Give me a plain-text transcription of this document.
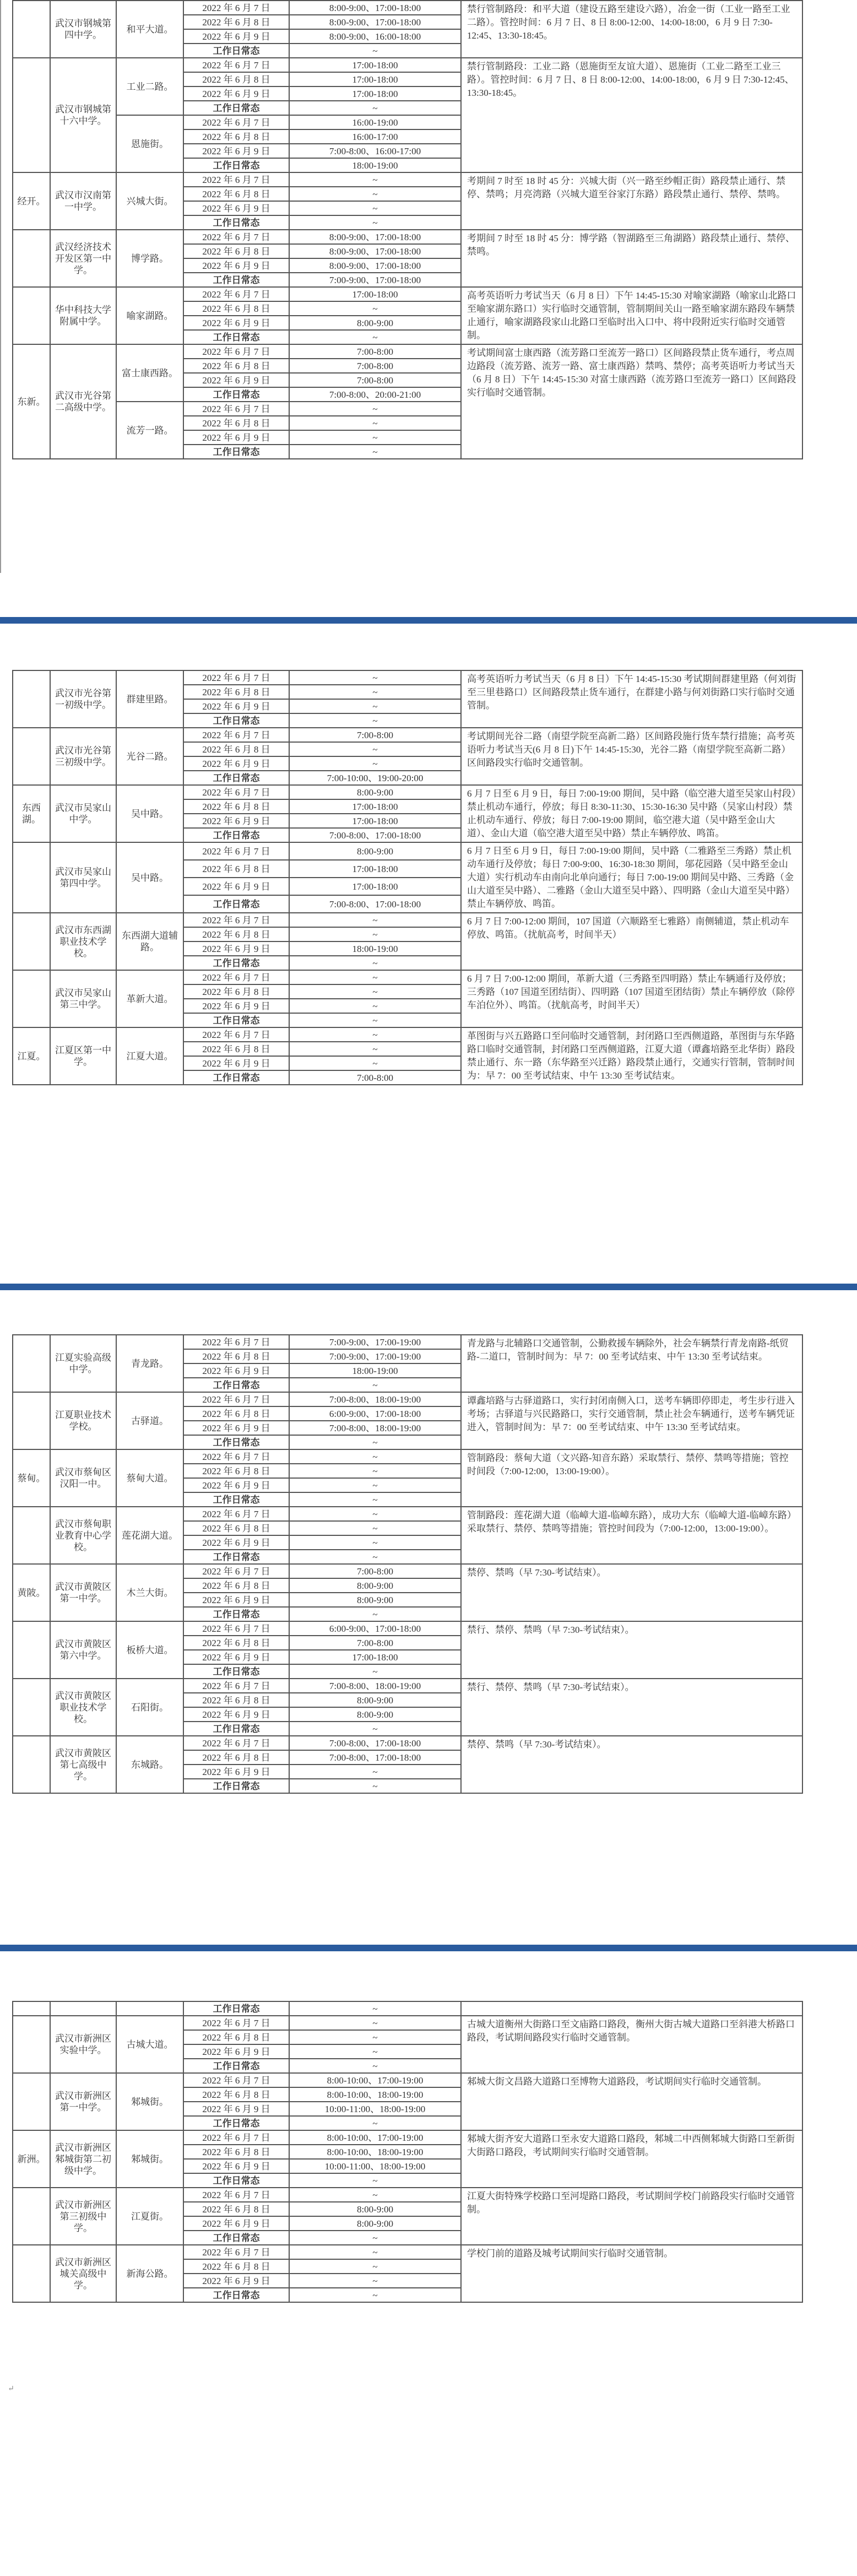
	武汉市钢城第四中学。	和平大道。	2022 年 6 月 7 日	8:00-9:00、17:00-18:00	禁行管制路段：和平大道（建设五路至建设六路），冶金一街（工业一路至工业二路）。管控时间：6 月 7 日、8 日 8:00-12:00、14:00-18:00，6 月 9 日 7:30-12:45、13:30-18:45。
			2022 年 6 月 8 日	8:00-9:00、17:00-18:00	
			2022 年 6 月 9 日	8:00-9:00、16:00-18:00	
			工作日常态	~	
	武汉市钢城第十六中学。	工业二路。	2022 年 6 月 7 日	17:00-18:00	禁行管制路段：工业二路（恩施街至友谊大道）、恩施街（工业二路至工业三路）。管控时间：6 月 7 日、8 日 8:00-12:00、14:00-18:00，6 月 9 日 7:30-12:45、13:30-18:45。
			2022 年 6 月 8 日	17:00-18:00	
			2022 年 6 月 9 日	17:00-18:00	
			工作日常态	~	
		恩施街。	2022 年 6 月 7 日	16:00-19:00	
			2022 年 6 月 8 日	16:00-17:00	
			2022 年 6 月 9 日	7:00-8:00、16:00-17:00	
			工作日常态	18:00-19:00	
经开。	武汉市汉南第一中学。	兴城大街。	2022 年 6 月 7 日	~	考期间 7 时至 18 时 45 分：兴城大街（兴一路至纱帽正街）路段禁止通行、禁停、禁鸣；月亮湾路（兴城大道至谷家汀东路）路段禁止通行、禁停、禁鸣。
			2022 年 6 月 8 日	~	
			2022 年 6 月 9 日	~	
			工作日常态	~	
	武汉经济技术开发区第一中学。	博学路。	2022 年 6 月 7 日	8:00-9:00、17:00-18:00	考期间 7 时至 18 时 45 分：博学路（智湖路至三角湖路）路段禁止通行、禁停、禁鸣。
			2022 年 6 月 8 日	8:00-9:00、17:00-18:00	
			2022 年 6 月 9 日	8:00-9:00、17:00-18:00	
			工作日常态	7:00-9:00、17:00-18:00	
	华中科技大学附属中学。	喻家湖路。	2022 年 6 月 7 日	17:00-18:00	高考英语听力考试当天（6 月 8 日）下午 14:45-15:30 对喻家湖路（喻家山北路口至喻家湖东路口）实行临时交通管制，管制期间关山一路至喻家湖东路段车辆禁止通行，喻家湖路段家山北路口至临时出入口中、将中段附近实行临时交通管制。
			2022 年 6 月 8 日	~	
			2022 年 6 月 9 日	8:00-9:00	
			工作日常态	~	
东新。	武汉市光谷第二高级中学。	富士康西路。	2022 年 6 月 7 日	7:00-8:00	考试期间富士康西路（流芳路口至流芳一路口）区间路段禁止货车通行，考点周边路段（流芳路、流芳一路、富士康西路）禁鸣、禁停；高考英语听力考试当天（6 月 8 日）下午 14:45-15:30 对富士康西路（流芳路口至流芳一路口）区间路段实行临时交通管制。
			2022 年 6 月 8 日	7:00-8:00	
			2022 年 6 月 9 日	7:00-8:00	
			工作日常态	7:00-8:00、20:00-21:00	
		流芳一路。	2022 年 6 月 7 日	~	
			2022 年 6 月 8 日	~	
			2022 年 6 月 9 日	~	
			工作日常态	~	
	武汉市光谷第一初级中学。	群建里路。	2022 年 6 月 7 日	~	高考英语听力考试当天（6 月 8 日）下午 14:45-15:30 考试期间群建里路（何刘街至三里巷路口）区间路段禁止货车通行，在群建小路与何刘街路口实行临时交通管制。
			2022 年 6 月 8 日	~	
			2022 年 6 月 9 日	~	
			工作日常态	~	
	武汉市光谷第三初级中学。	光谷二路。	2022 年 6 月 7 日	7:00-8:00	考试期间光谷二路（南望学院至高新二路）区间路段施行货车禁行措施；高考英语听力考试当天(6 月 8 日)下午 14:45-15:30，光谷二路（南望学院至高新二路）区间路段实行临时交通管制。
			2022 年 6 月 8 日	~	
			2022 年 6 月 9 日	~	
			工作日常态	7:00-10:00、19:00-20:00	
东西湖。	武汉市吴家山中学。	吴中路。	2022 年 6 月 7 日	8:00-9:00	6 月 7 日至 6 月 9 日，每日 7:00-19:00 期间，吴中路（临空港大道至吴家山村段）禁止机动车通行，停放；每日 8:30-11:30、15:30-16:30 吴中路（吴家山村段）禁止机动车通行、停放；每日 7:00-19:00 期间，临空港大道（吴中路至金山大道）、金山大道（临空港大道至吴中路）禁止车辆停放、鸣笛。
			2022 年 6 月 8 日	17:00-18:00	
			2022 年 6 月 9 日	17:00-18:00	
			工作日常态	7:00-8:00、17:00-18:00	
	武汉市吴家山第四中学。	吴中路。	2022 年 6 月 7 日	8:00-9:00	6 月 7 日至 6 月 9 日，每日 7:00-19:00 期间，吴中路（二雅路至三秀路）禁止机动车通行及停放；每日 7:00-9:00、16:30-18:30 期间，邬花园路（吴中路至金山大道）实行机动车由南向北单向通行；每日 7:00-19:00 期间吴中路、三秀路（金山大道至吴中路）、二雅路（金山大道至吴中路）、四明路（金山大道至吴中路）禁止车辆停放、鸣笛。
			2022 年 6 月 8 日	17:00-18:00	
			2022 年 6 月 9 日	17:00-18:00	
			工作日常态	7:00-8:00、17:00-18:00	
	武汉市东西湖职业技术学校。	东西湖大道辅路。	2022 年 6 月 7 日	~	6 月 7 日 7:00-12:00 期间，107 国道（六顺路至七雅路）南侧辅道，禁止机动车停放、鸣笛。（扰航高考，时间半天）
			2022 年 6 月 8 日	~	
			2022 年 6 月 9 日	18:00-19:00	
			工作日常态	~	
	武汉市吴家山第三中学。	革新大道。	2022 年 6 月 7 日	~	6 月 7 日 7:00-12:00 期间，革新大道（三秀路至四明路）禁止车辆通行及停放；三秀路（107 国道至团结街）、四明路（107 国道至团结街）禁止车辆停放（除停车泊位外）、鸣笛。（扰航高考，时间半天）
			2022 年 6 月 8 日	~	
			2022 年 6 月 9 日	~	
			工作日常态	~	
江夏。	江夏区第一中学。	江夏大道。	2022 年 6 月 7 日	~	革图街与兴五路路口至问临时交通管制，封闭路口至西侧道路，革图街与东华路路口临时交通管制，封闭路口至西侧道路，江夏大道（谭鑫培路至北华街）路段禁止通行、东一路（东华路至兴迁路）路段禁止通行，交通实行管制，管制时间为：早 7：00 至考试结束、中午 13:30 至考试结束。
			2022 年 6 月 8 日	~	
			2022 年 6 月 9 日	~	
			工作日常态	7:00-8:00	
	江夏实验高级中学。	青龙路。	2022 年 6 月 7 日	7:00-9:00、17:00-19:00	青龙路与北辅路口交通管制，公勤救援车辆除外，社会车辆禁行青龙南路-纸贸路-二道口，管制时间为：早 7：00 至考试结束、中午 13:30 至考试结束。
			2022 年 6 月 8 日	7:00-9:00、17:00-19:00	
			2022 年 6 月 9 日	18:00-19:00	
			工作日常态	~	
	江夏职业技术学校。	古驿道。	2022 年 6 月 7 日	7:00-8:00、18:00-19:00	谭鑫培路与古驿道路口，实行封闭南侧入口，送考车辆即停即走，考生步行进入考场；古驿道与兴民路路口，实行交通管制，禁止社会车辆通行，送考车辆凭证进入，管制时间为：早 7：00 至考试结束、中午 13:30 至考试结束。
			2022 年 6 月 8 日	6:00-9:00、17:00-18:00	
			2022 年 6 月 9 日	7:00-8:00、18:00-19:00	
			工作日常态	~	
蔡甸。	武汉市蔡甸区汉阳一中。	蔡甸大道。	2022 年 6 月 7 日	~	管制路段：蔡甸大道（文兴路-知音东路）采取禁行、禁停、禁鸣等措施；管控时间段（7:00-12:00，13:00-19:00）。
			2022 年 6 月 8 日	~	
			2022 年 6 月 9 日	~	
			工作日常态	~	
	武汉市蔡甸职业教育中心学校。	莲花湖大道。	2022 年 6 月 7 日	~	管制路段：莲花湖大道（临嶂大道-临嶂东路），成功大东（临嶂大道-临嶂东路）采取禁行、禁停、禁鸣等措施；管控时间段为（7:00-12:00，13:00-19:00）。
			2022 年 6 月 8 日	~	
			2022 年 6 月 9 日	~	
			工作日常态	~	
黄陂。	武汉市黄陂区第一中学。	木兰大街。	2022 年 6 月 7 日	7:00-8:00	禁停、禁鸣（早 7:30-考试结束）。
			2022 年 6 月 8 日	8:00-9:00	
			2022 年 6 月 9 日	8:00-9:00	
			工作日常态	~	
	武汉市黄陂区第六中学。	板桥大道。	2022 年 6 月 7 日	6:00-9:00、17:00-18:00	禁行、禁停、禁鸣（早 7:30-考试结束）。
			2022 年 6 月 8 日	7:00-8:00	
			2022 年 6 月 9 日	17:00-18:00	
			工作日常态	~	
	武汉市黄陂区职业技术学校。	石阳街。	2022 年 6 月 7 日	7:00-8:00、18:00-19:00	禁行、禁停、禁鸣（早 7:30-考试结束）。
			2022 年 6 月 8 日	8:00-9:00	
			2022 年 6 月 9 日	8:00-9:00	
			工作日常态	~	
	武汉市黄陂区第七高级中学。	东城路。	2022 年 6 月 7 日	7:00-8:00、17:00-18:00	禁停、禁鸣（早 7:30-考试结束）。
			2022 年 6 月 8 日	7:00-8:00、17:00-18:00	
			2022 年 6 月 9 日	~	
			工作日常态	~	
			工作日常态	~	
	武汉市新洲区实验中学。	古城大道。	2022 年 6 月 7 日	~	古城大道衡州大街路口至文庙路口路段，衡州大街古城大道路口至斜港大桥路口路段，考试期间路段实行临时交通管制。
			2022 年 6 月 8 日	~	
			2022 年 6 月 9 日	~	
			工作日常态	~	
	武汉市新洲区第一中学。	邾城街。	2022 年 6 月 7 日	8:00-10:00、17:00-19:00	邾城大街文昌路大道路口至博物大道路段，考试期间实行临时交通管制。
			2022 年 6 月 8 日	8:00-10:00、18:00-19:00	
			2022 年 6 月 9 日	10:00-11:00、18:00-19:00	
			工作日常态	~	
新洲。	武汉市新洲区邾城街第二初级中学。	邾城街。	2022 年 6 月 7 日	8:00-10:00、17:00-19:00	邾城大街齐安大道路口至永安大道路口路段，邾城二中西侧邾城大街路口至新街大街路口路段，考试期间实行临时交通管制。
			2022 年 6 月 8 日	8:00-10:00、18:00-19:00	
			2022 年 6 月 9 日	10:00-11:00、18:00-19:00	
			工作日常态	~	
	武汉市新洲区第三初级中学。	江夏街。	2022 年 6 月 7 日	~	江夏大街特殊学校路口至河堤路口路段，考试期间学校门前路段实行临时交通管制。
			2022 年 6 月 8 日	8:00-9:00	
			2022 年 6 月 9 日	8:00-9:00	
			工作日常态	~	
	武汉市新洲区城关高级中学。	新海公路。	2022 年 6 月 7 日	~	学校门前的道路及城考试期间实行临时交通管制。
			2022 年 6 月 8 日	~	
			2022 年 6 月 9 日	~	
			工作日常态	~	
↵
